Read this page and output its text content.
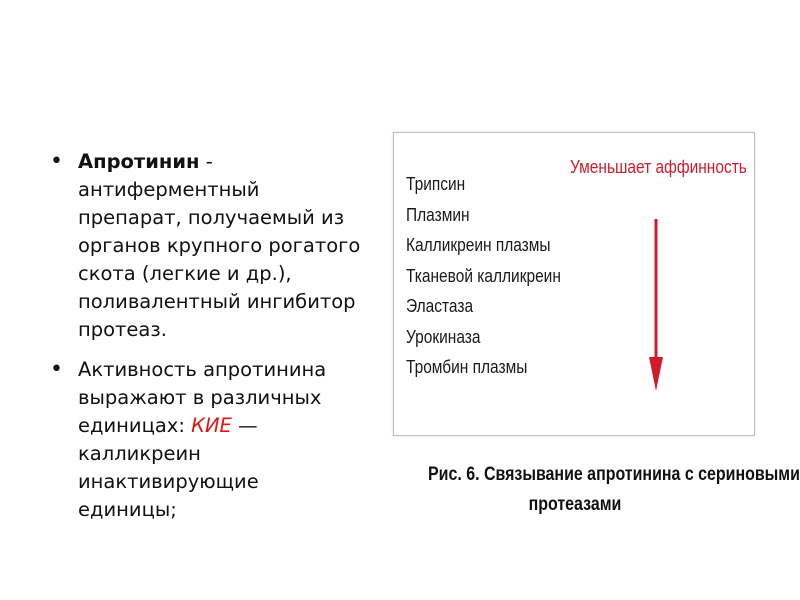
• Апротинин -
антиферментный
препарат, получаемый из
органов крупного рогатого
скота (легкие и др.),
поливалентный ингибитор
протеаз.
• Активность апротинина
выражают в различных
единицах: КИЕ —
калликреин
инактивирующие
единицы;
Трипсин
Плазмин
Калликреин плазмы
Тканевой калликреин
Эластаза
Урокиназа
Тромбин плазмы
Уменьшает аффинность
Рис. 6. Связывание апротинина с сериновыми
протеазами
